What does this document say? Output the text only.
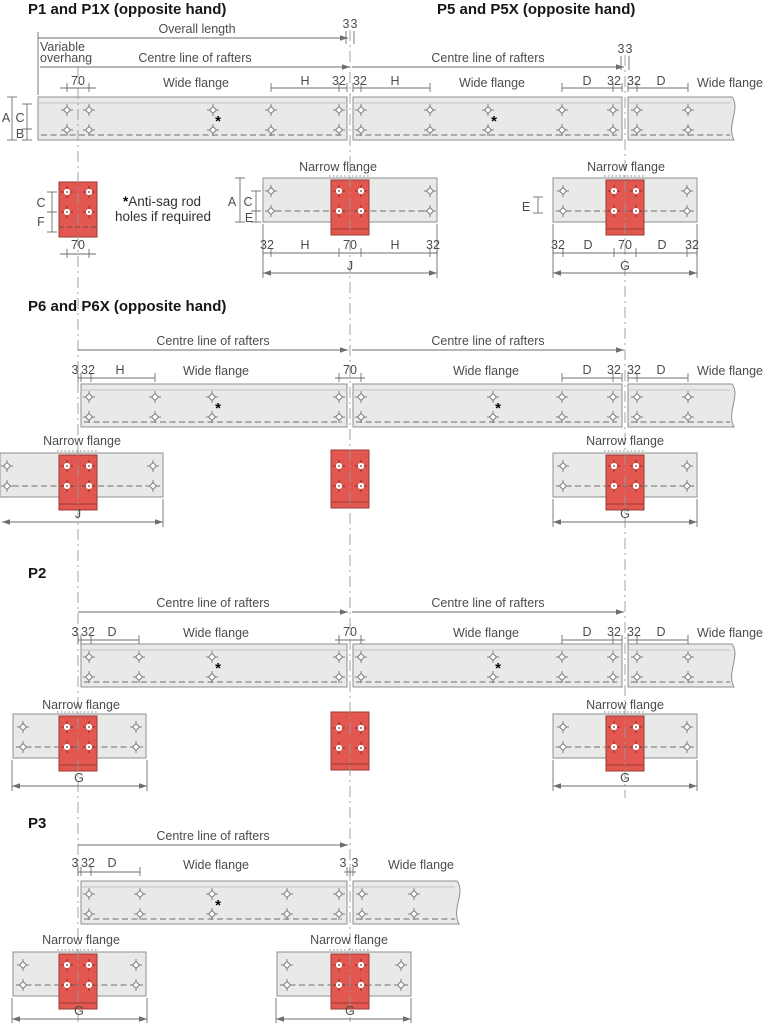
P1 and P1X (opposite hand)	P5 and P5X (opposite hand)
Overall length	3 3
Variable
overhang	Centre line of rafters	Centre line of rafters
3 3
70	Wide flange	H 32 32 H	Wide flange	D 32 32 D	Wide flange
A C
B
*	*
C
F
70
holes if required
Narrow flange	Narrow flange
A C
E
E
32 H	70	H 32
J
32 D 70 D 32
G
P6 and P6X (opposite hand)
Centre line of rafters	Centre line of rafters
3 32 H	70
Wide flange	Wide flange	Wide flange
D 32 32 D
*	*
Narrow flange	Narrow flange
J	G
P2
Centre line of rafters	Centre line of rafters
3 32 D	70
Wide flange	Wide flange	Wide flange
D 32 32 D
*	*
Narrow flange	Narrow flange
G	G
P3
Centre line of rafters
3 32 D	3 3
Wide flange	Wide flange
*
Narrow flange	Narrow flange
G	G
*Anti-sag rod
